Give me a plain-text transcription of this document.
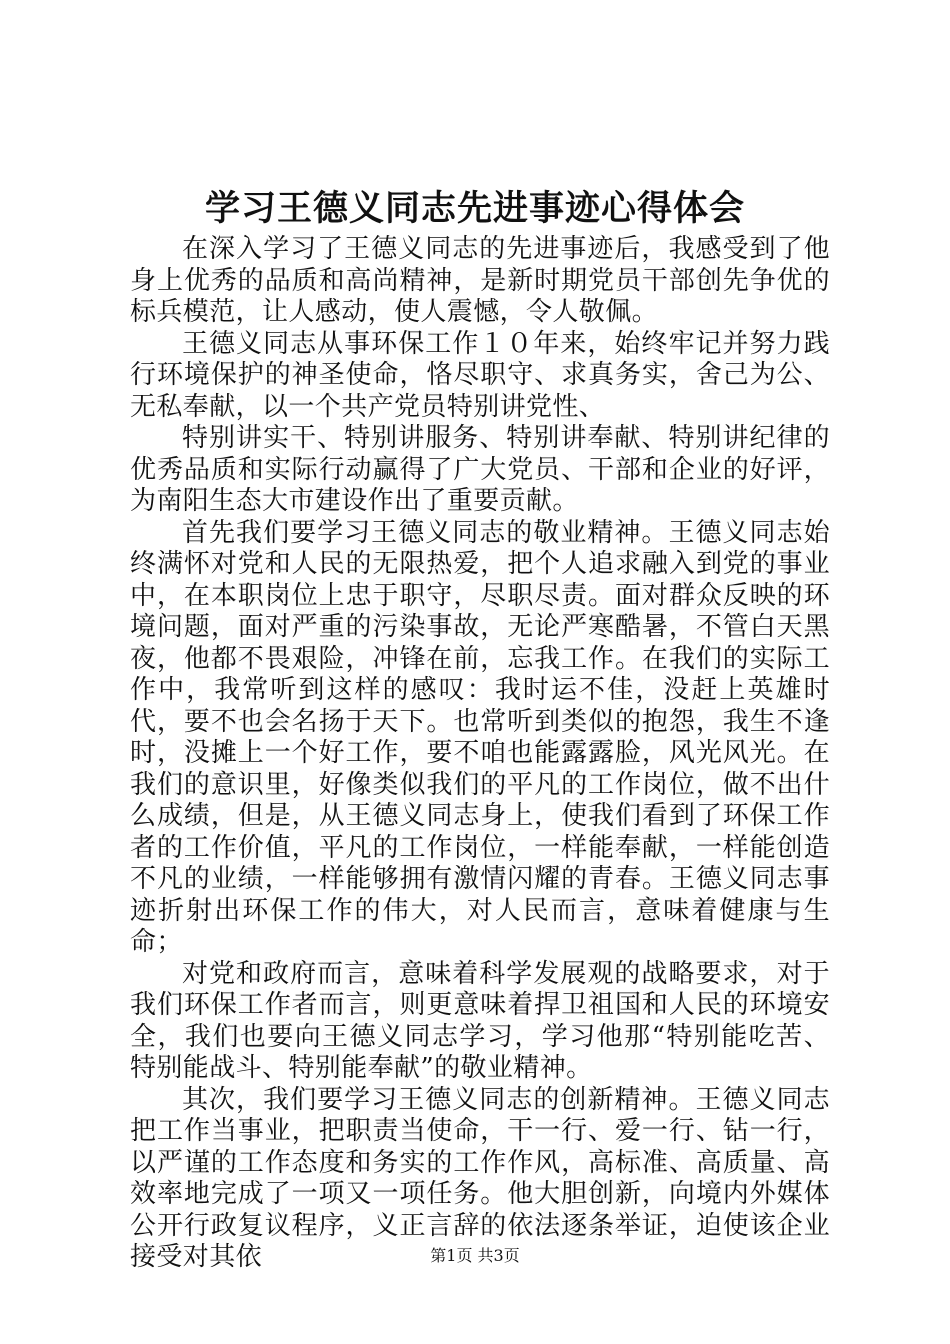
学习王德义同志先进事迹心得体会

在深入学习了王德义同志的先进事迹后，我感受到了他身上优秀的品质和高尚精神，是新时期党员干部创先争优的标兵模范，让人感动，使人震憾，令人敬佩。

王德义同志从事环保工作１０年来，始终牢记并努力践行环境保护的神圣使命，恪尽职守、求真务实，舍己为公、无私奉献，以一个共产党员特别讲党性、

特别讲实干、特别讲服务、特别讲奉献、特别讲纪律的优秀品质和实际行动赢得了广大党员、干部和企业的好评，为南阳生态大市建设作出了重要贡献。

首先我们要学习王德义同志的敬业精神。王德义同志始终满怀对党和人民的无限热爱，把个人追求融入到党的事业中，在本职岗位上忠于职守，尽职尽责。面对群众反映的环境问题，面对严重的污染事故，无论严寒酷暑，不管白天黑夜，他都不畏艰险，冲锋在前，忘我工作。在我们的实际工作中，我常听到这样的感叹：我时运不佳，没赶上英雄时代，要不也会名扬于天下。也常听到类似的抱怨，我生不逢时，没摊上一个好工作，要不咱也能露露脸，风光风光。在我们的意识里，好像类似我们的平凡的工作岗位，做不出什么成绩，但是，从王德义同志身上，使我们看到了环保工作者的工作价值，平凡的工作岗位，一样能奉献，一样能创造不凡的业绩，一样能够拥有激情闪耀的青春。王德义同志事迹折射出环保工作的伟大，对人民而言，意味着健康与生命；

对党和政府而言，意味着科学发展观的战略要求，对于我们环保工作者而言，则更意味着捍卫祖国和人民的环境安全，我们也要向王德义同志学习，学习他那“特别能吃苦、特别能战斗、特别能奉献”的敬业精神。

其次，我们要学习王德义同志的创新精神。王德义同志把工作当事业，把职责当使命，干一行、爱一行、钻一行，以严谨的工作态度和务实的工作作风，高标准、高质量、高效率地完成了一项又一项任务。他大胆创新，向境内外媒体公开行政复议程序，义正言辞的依法逐条举证，迫使该企业接受对其依	第1页 共3页
